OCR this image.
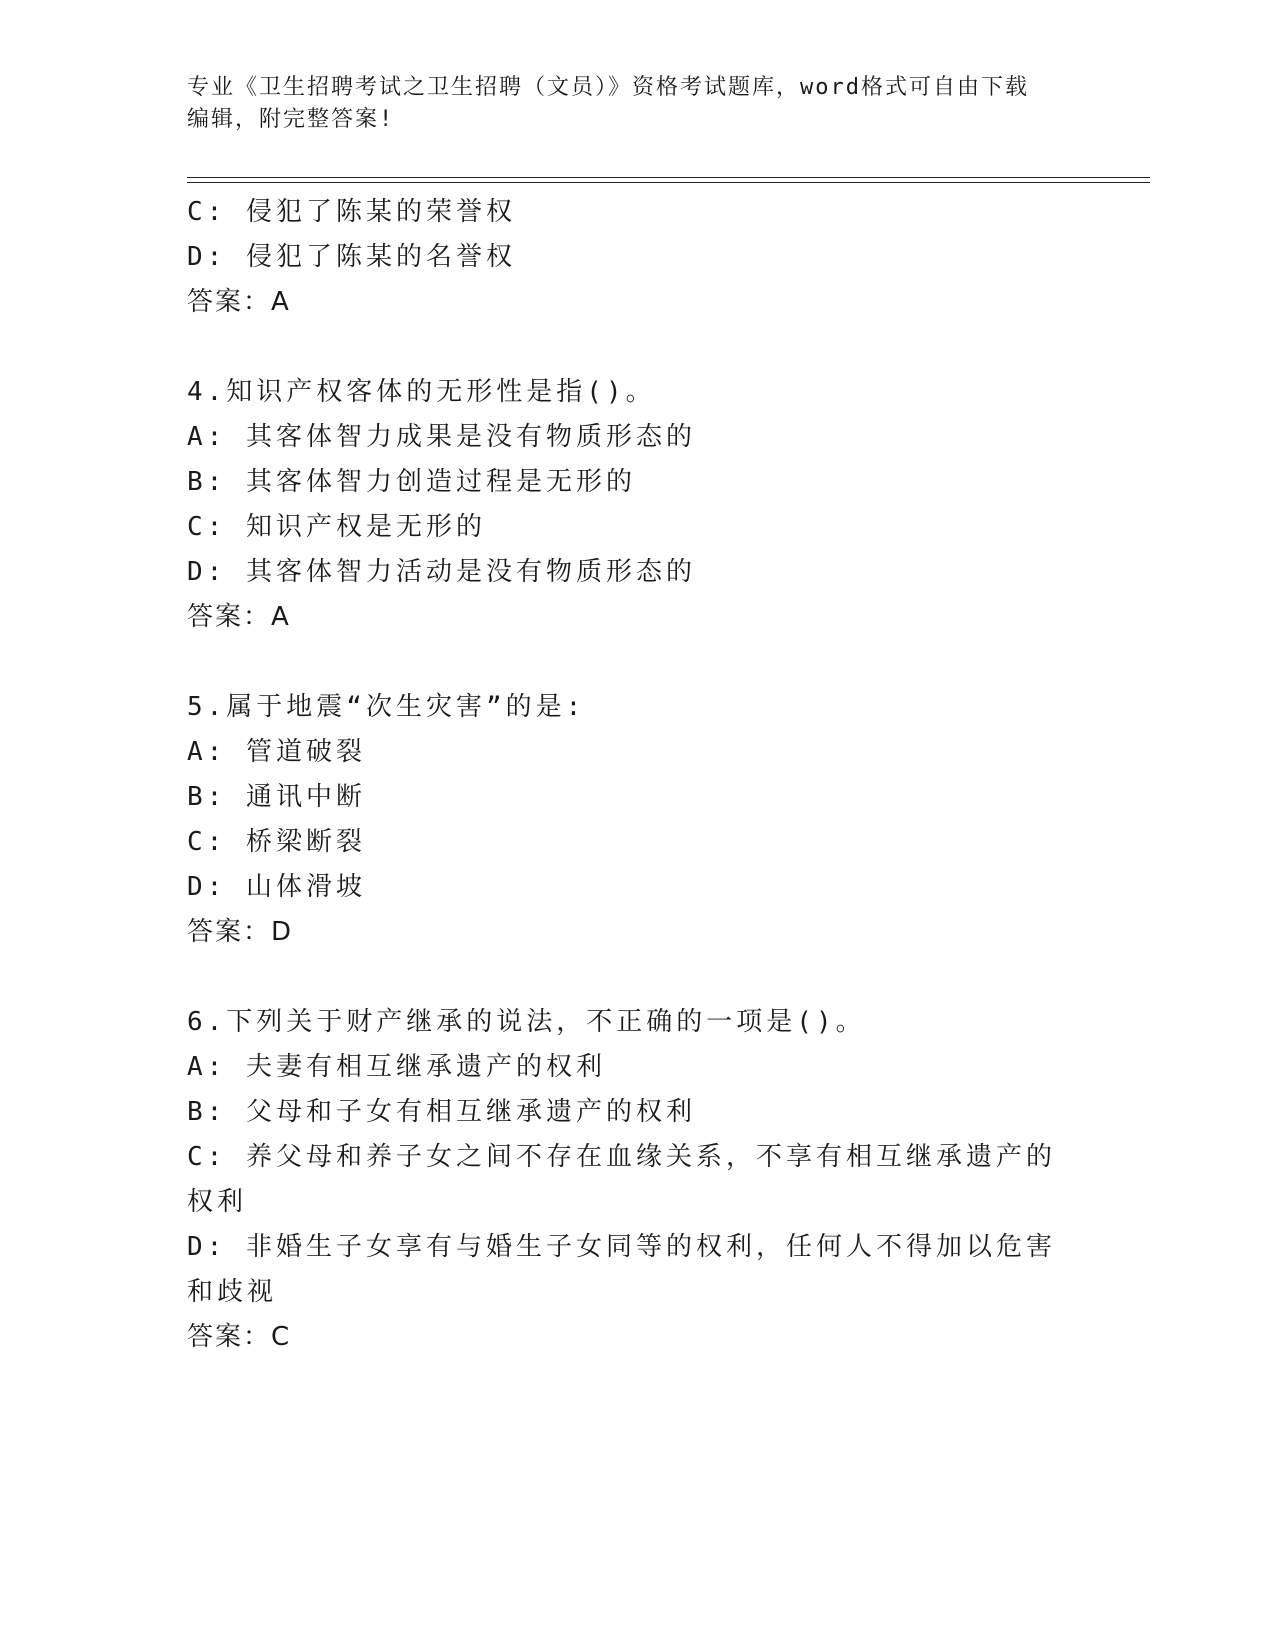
专业《卫生招聘考试之卫生招聘（文员）》资格考试题库，word格式可自由下载
编辑，附完整答案!
C: 侵犯了陈某的荣誉权
D: 侵犯了陈某的名誉权
答案：A
4.知识产权客体的无形性是指()。
A: 其客体智力成果是没有物质形态的
B: 其客体智力创造过程是无形的
C: 知识产权是无形的
D: 其客体智力活动是没有物质形态的
答案：A
5.属于地震“次生灾害”的是:
A: 管道破裂
B: 通讯中断
C: 桥梁断裂
D: 山体滑坡
答案：D
6.下列关于财产继承的说法，不正确的一项是()。
A: 夫妻有相互继承遗产的权利
B: 父母和子女有相互继承遗产的权利
C: 养父母和养子女之间不存在血缘关系，不享有相互继承遗产的权利
D: 非婚生子女享有与婚生子女同等的权利，任何人不得加以危害和歧视
答案：C
